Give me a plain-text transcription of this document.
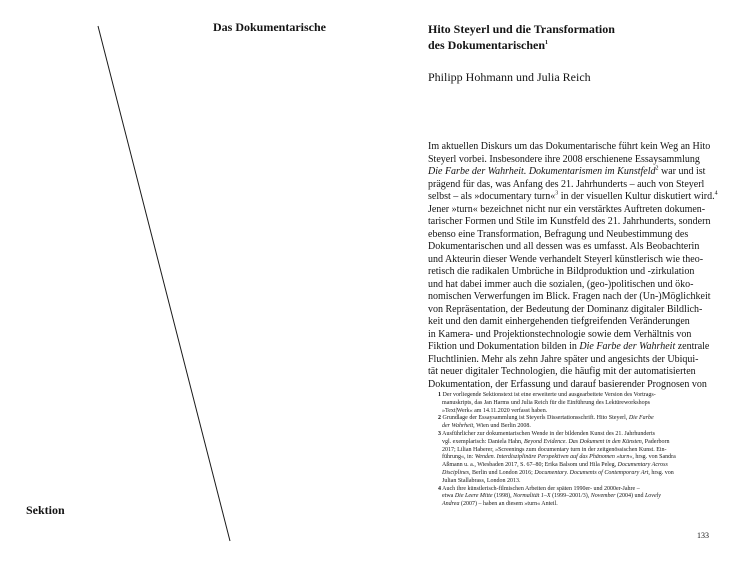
Das Dokumentarische
Sektion
Hito Steyerl und die Transformation
des Dokumentarischen$^1$
Philipp Hohmann und Julia Reich
Im aktuellen Diskurs um das Dokumentarische führt kein Weg an Hito
Steyerl vorbei. Insbesondere ihre 2008 erschienene Essaysammlung
Die Farbe der Wahrheit. Dokumentarismen im Kunstfeld$^2$ war und ist
prägend für das, was Anfang des 21. Jahrhunderts – auch von Steyerl
selbst – als »documentary turn«$^3$ in der visuellen Kultur diskutiert wird.$^4$
Jener »turn« bezeichnet nicht nur ein verstärktes Auftreten dokumen-
tarischer Formen und Stile im Kunstfeld des 21. Jahrhunderts, sondern
ebenso eine Transformation, Befragung und Neubestimmung des
Dokumentarischen und all dessen was es umfasst. Als Beobachterin
und Akteurin dieser Wende verhandelt Steyerl künstlerisch wie theo-
retisch die radikalen Umbrüche in Bildproduktion und -zirkulation
und hat dabei immer auch die sozialen, (geo-)politischen und öko-
nomischen Verwerfungen im Blick. Fragen nach der (Un-)Möglichkeit
von Repräsentation, der Bedeutung der Dominanz digitaler Bildlich-
keit und den damit einhergehenden tiefgreifenden Veränderungen
in Kamera- und Projektionstechnologie sowie dem Verhältnis von
Fiktion und Dokumentation bilden in Die Farbe der Wahrheit zentrale
Fluchtlinien. Mehr als zehn Jahre später und angesichts der Ubiqui-
tät neuer digitaler Technologien, die häufig mit der automatisierten
Dokumentation, der Erfassung und darauf basierender Prognosen von
1 Der vorliegende Sektionstext ist eine erweiterte und ausgearbeitete Version des Vortrags-
manuskripts, das Jan Harms und Julia Reich für die Einführung des Lektüreworkshops
»Text|Werk« am 14.11.2020 verfasst haben.
2 Grundlage der Essaysammlung ist Steyerls Dissertationsschrift. Hito Steyerl, Die Farbe
der Wahrheit, Wien und Berlin 2008.
3 Ausführlicher zur dokumentarischen Wende in der bildenden Kunst des 21. Jahrhunderts
vgl. exemplarisch: Daniela Hahn, Beyond Evidence. Das Dokument in den Künsten, Paderborn
2017; Lilian Haberer, »Screenings zum documentary turn in der zeitgenössischen Kunst. Ein-
führung«, in: Wenden. Interdisziplinäre Perspektiven auf das Phänomen »turn«, hrsg. von Sandra
Aßmann u. a., Wiesbaden 2017, S. 67–80; Erika Balsom und Hila Peleg, Documentary Across
Disciplines, Berlin und London 2016; Documentary. Documents of Contemporary Art, hrsg. von
Julian Stallabrass, London 2013.
4 Auch ihre künstlerisch-filmischen Arbeiten der späten 1990er- und 2000er-Jahre –
etwa Die Leere Mitte (1998), Normalität 1–X (1999–2001/3), November (2004) und Lovely
Andrea (2007) – haben an diesem »turn« Anteil.
133
